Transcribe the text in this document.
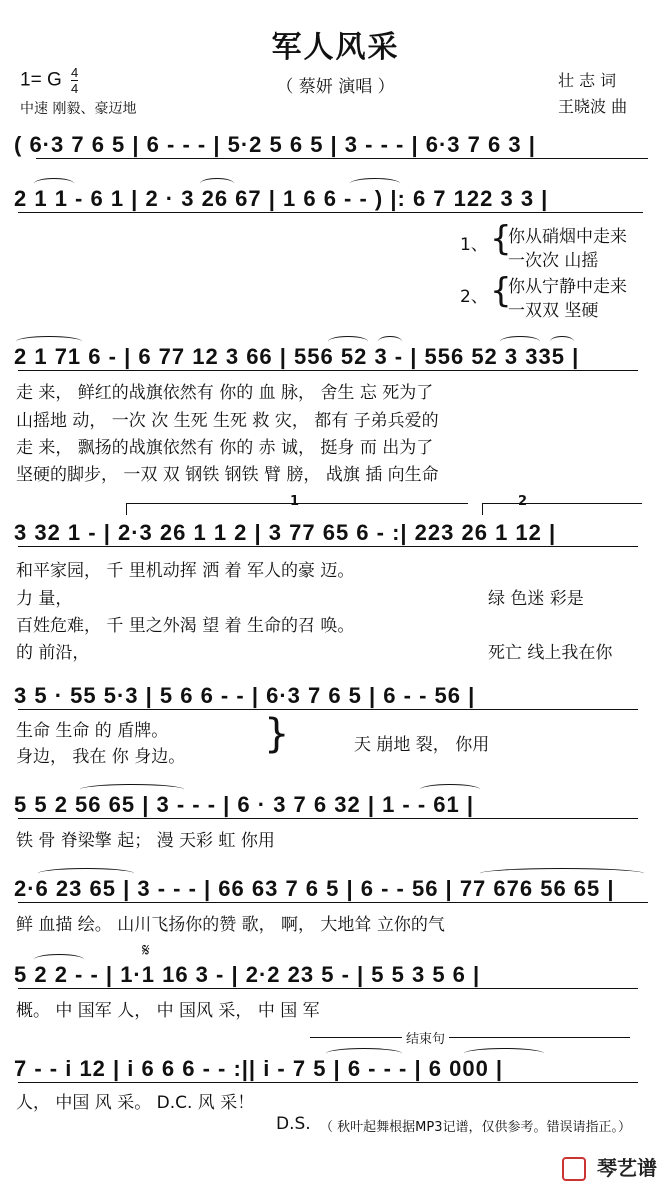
军人风采
（ 蔡妍 演唱 ）
1= G $\frac{4}{4}$
中速 刚毅、豪迈地
壮 志 词
王晓波 曲
( 6·3 7 6 5 | 6 - - - | 5·2 5 6 5 | 3 - - - | 6·3 7 6 3 |
2 1 1 - 6 1 | 2 · 3 26 67 | 1 6 6 - - ) |: 6 7 122 3 3 |
1、 {
你从硝烟中走来
一次次 山摇
2、 {
你从宁静中走来
一双双 坚硬
2 1 71 6 - | 6 77 12 3 66 | 556 52 3 - | 556 52 3 335 |
走 来， 鲜红的战旗依然有 你的 血 脉， 舍生 忘 死为了
山摇地 动， 一次 次 生死 生死 救 灾， 都有 子弟兵爱的
走 来， 飘扬的战旗依然有 你的 赤 诚， 挺身 而 出为了
坚硬的脚步， 一双 双 钢铁 钢铁 臂 膀， 战旗 插 向生命
1	2
3 32 1 - | 2·3 26 1 1 2 | 3 77 65 6 - :| 223 26 1 12 |
和平家园， 千 里机动挥 洒 着 军人的豪 迈。
力 量，	绿 色迷 彩是
百姓危难， 千 里之外渴 望 着 生命的召 唤。
的 前沿，	死亡 线上我在你
3 5 · 55 5·3 | 5 6 6 - - | 6·3 7 6 5 | 6 - - 56 |
生命 生命 的 盾牌。
身边， 我在 你 身边。 }	天 崩地 裂， 你用
5 5 2 56 65 | 3 - - - | 6 · 3 7 6 32 | 1 - - 61 |
铁 骨 脊梁擎 起； 漫 天彩 虹 你用
2·6 23 65 | 3 - - - | 66 63 7 6 5 | 6 - - 56 | 77 676 56 65 |
鲜 血描 绘。 山川飞扬你的赞 歌， 啊， 大地耸 立你的气
𝄋
5 2 2 - - | 1·1 16 3 - | 2·2 23 5 - | 5 5 3 5 6 |
概。 中 国军 人， 中 国风 采， 中 国 军
结束句
7 - - i 12 | i 6 6 6 - - :|| i - 7 5 | 6 - - - | 6 000 |
人， 中国 风 采。 D.C. 风 采！
D.S. （ 秋叶起舞根据MP3记谱，仅供参考。错误请指正。）
琴艺谱
